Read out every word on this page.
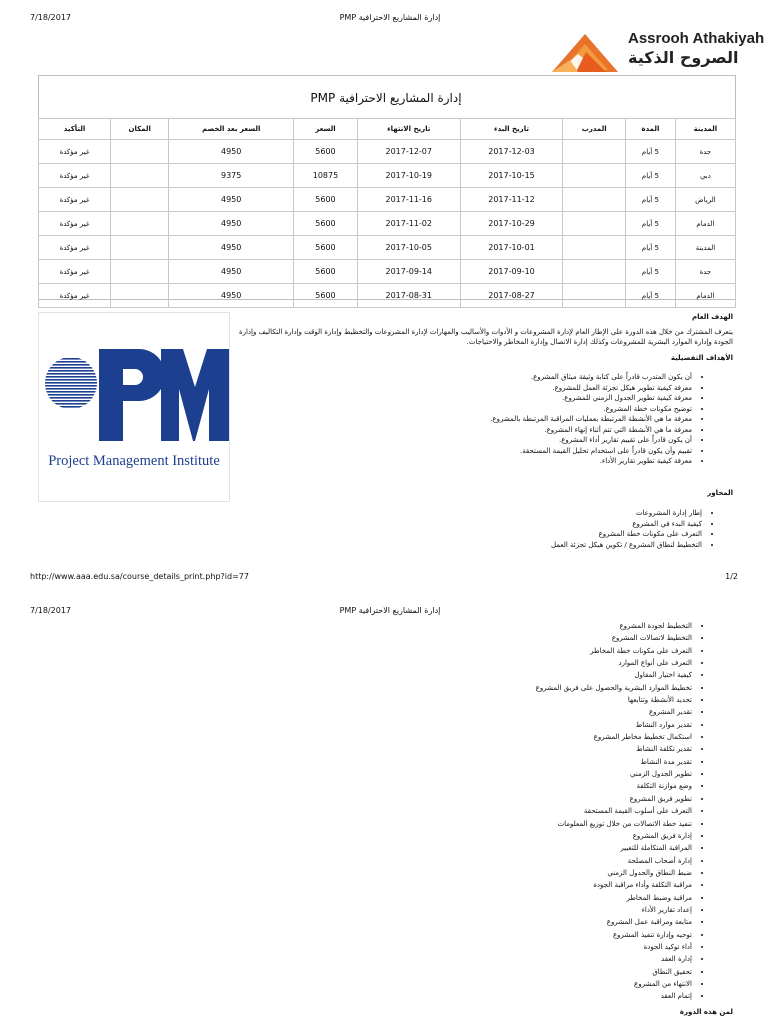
7/18/2017	PMP إدارة المشاريع الاحترافية
Assrooh Athakiyah
الصروح الذكية
إدارة المشاريع الاحترافية PMP
المدينة	المدة	المدرب	تاريخ البدء	تاريخ الانتهاء	السعر	السعر بعد الخصم	المكان	التأكيد
جدة	5 أيام		2017-12-03	2017-12-07	5600	4950		غير مؤكدة
دبي	5 أيام		2017-10-15	2017-10-19	10875	9375		غير مؤكدة
الرياض	5 أيام		2017-11-12	2017-11-16	5600	4950		غير مؤكدة
الدمام	5 أيام		2017-10-29	2017-11-02	5600	4950		غير مؤكدة
المدينة	5 أيام		2017-10-01	2017-10-05	5600	4950		غير مؤكدة
جدة	5 أيام		2017-09-10	2017-09-14	5600	4950		غير مؤكدة
الدمام	5 أيام		2017-08-27	2017-08-31	5600	4950		غير مؤكدة
Project Management Institute
الهدف العام
يتعرف المشترك من خلال هذه الدورة على الإطار العام لإدارة المشروعات و الأدوات والأساليب والمهارات لإدارة المشروعات والتخطيط وإدارة الوقت وإدارة التكاليف وإدارة الجودة وإدارة الموارد البشرية للمشروعات وكذلك إدارة الاتصال وإدارة المخاطر والاحتياجات.
الأهداف التفصيلية
• أن يكون المتدرب قادراً على كتابة وثيقة ميثاق المشروع.
• معرفة كيفية تطوير هيكل تجزئة العمل للمشروع.
• معرفة كيفية تطوير الجدول الزمني للمشروع.
• توضيح مكونات خطة المشروع.
• معرفة ما هي الأنشطة المرتبطة بعمليات المراقبة المرتبطة بالمشروع.
• معرفة ما هي الأنشطة التي تتم أثناء إنهاء المشروع.
• أن يكون قادراً على تقييم تقارير أداء المشروع.
• تقييم وأن يكون قادراً على استخدام تحليل القيمة المستحقة.
• معرفة كيفية تطوير تقارير الأداء.
المحاور
• إطار إدارة المشروعات
• كيفية البدء في المشروع
• التعرف على مكونات خطة المشروع
• التخطيط لنطاق المشروع / تكوين هيكل تجزئة العمل
http://www.aaa.edu.sa/course_details_print.php?id=77	1/2
7/18/2017	PMP إدارة المشاريع الاحترافية
• التخطيط لجودة المشروع
• التخطيط لاتصالات المشروع
• التعرف على مكونات خطة المخاطر
• التعرف على أنواع الموارد
• كيفية اختيار المقاول
• تخطيط الموارد البشرية والحصول على فريق المشروع
• تحديد الأنشطة وتتابعها
• تقدير المشروع
• تقدير موارد النشاط
• استكمال تخطيط مخاطر المشروع
• تقدير تكلفة النشاط
• تقدير مدة النشاط
• تطوير الجدول الزمني
• وضع موازنة التكلفة
• تطوير فريق المشروع
• التعرف على أسلوب القيمة المستحقة
• تنفيذ خطة الاتصالات من خلال توزيع المعلومات
• إدارة فريق المشروع
• المراقبة المتكاملة للتغيير
• إدارة أصحاب المصلحة
• ضبط النطاق والجدول الزمني
• مراقبة التكلفة وأداء مراقبة الجودة
• مراقبة وضبط المخاطر
• إعداد تقارير الأداء
• متابعة ومراقبة عمل المشروع
• توجيه وإدارة تنفيذ المشروع
• أداء توكيد الجودة
• إدارة العقد
• تحقيق النطاق
• الانتهاء من المشروع
• إتمام العقد
لمن هذه الدورة
